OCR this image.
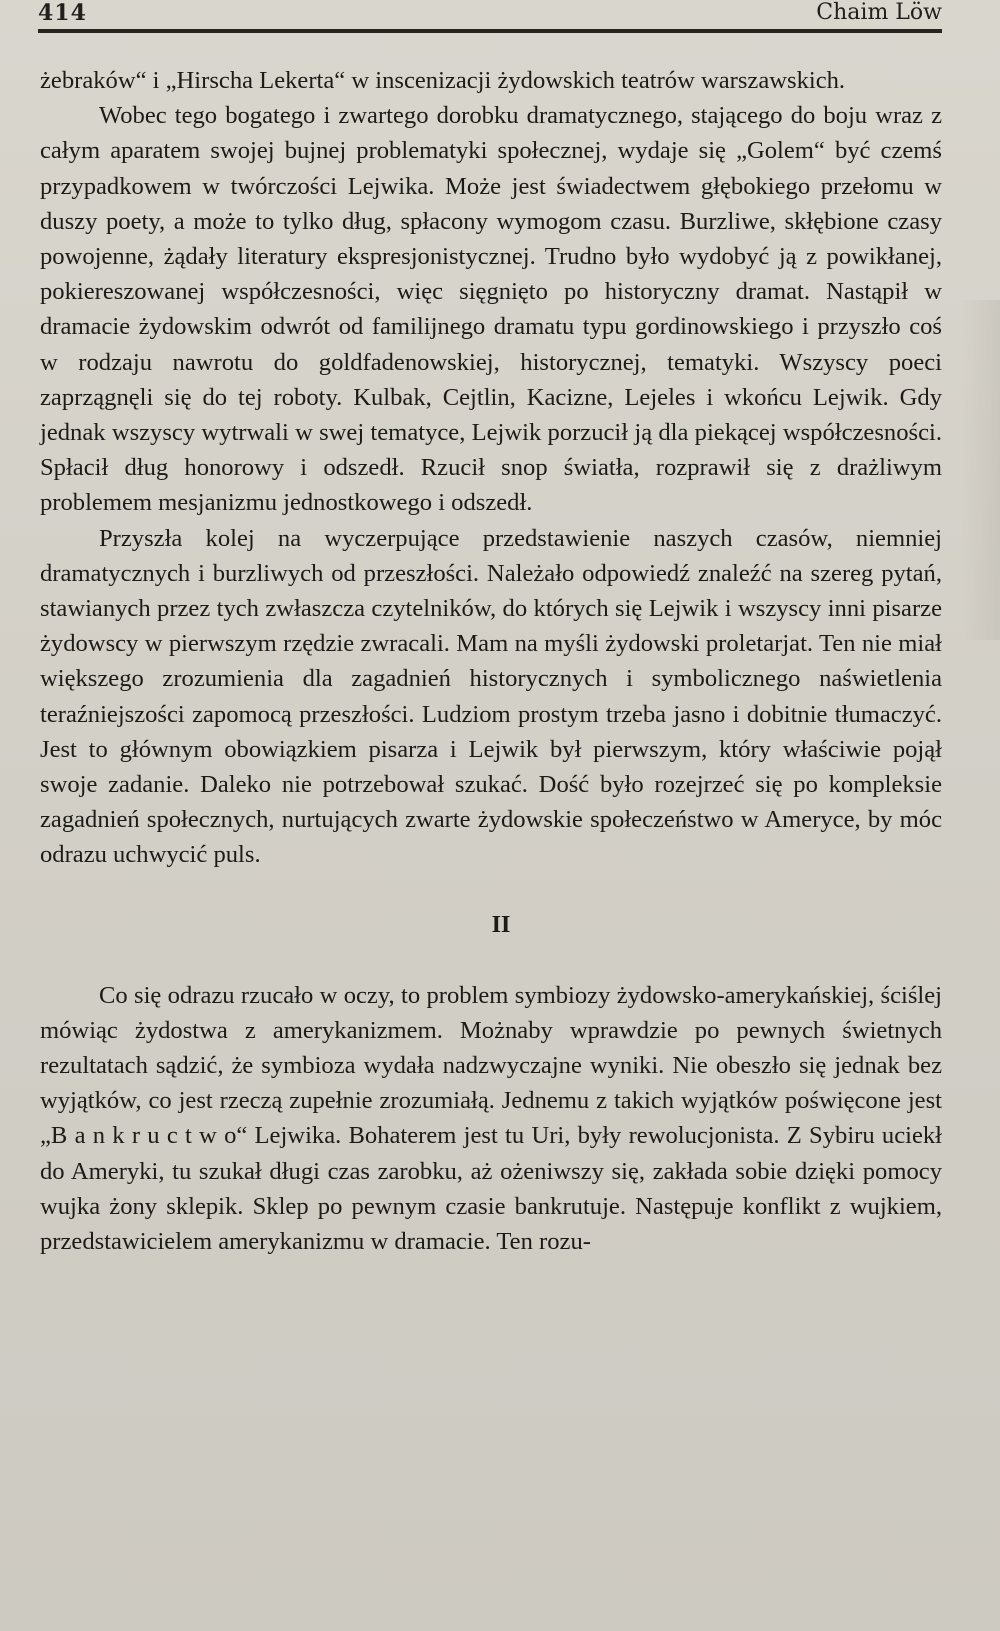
414	Chaim Löw

żebraków“ i „Hirscha Lekerta“ w inscenizacji żydowskich teatrów warszawskich.

Wobec tego bogatego i zwartego dorobku dramatycznego, stającego do boju wraz z całym aparatem swojej bujnej problematyki społecznej, wydaje się „Golem“ być czemś przypadkowem w twórczości Lejwika. Może jest świadectwem głębokiego przełomu w duszy poety, a może to tylko dług, spłacony wymogom czasu. Burzliwe, skłębione czasy powojenne, żądały literatury ekspresjonistycznej. Trudno było wydobyć ją z powikłanej, pokiereszowanej współczesności, więc sięgnięto po historyczny dramat. Nastąpił w dramacie żydowskim odwrót od familijnego dramatu typu gordinowskiego i przyszło coś w rodzaju nawrotu do goldfadenowskiej, historycznej, tematyki. Wszyscy poeci zaprzągnęli się do tej roboty. Kulbak, Cejtlin, Kacizne, Lejeles i wkońcu Lejwik. Gdy jednak wszyscy wytrwali w swej tematyce, Lejwik porzucił ją dla piekącej współczesności. Spłacił dług honorowy i odszedł. Rzucił snop światła, rozprawił się z drażliwym problemem mesjanizmu jednostkowego i odszedł.

Przyszła kolej na wyczerpujące przedstawienie naszych czasów, niemniej dramatycznych i burzliwych od przeszłości. Należało odpowiedź znaleźć na szereg pytań, stawianych przez tych zwłaszcza czytelników, do których się Lejwik i wszyscy inni pisarze żydowscy w pierwszym rzędzie zwracali. Mam na myśli żydowski proletarjat. Ten nie miał większego zrozumienia dla zagadnień historycznych i symbolicznego naświetlenia teraźniejszości zapomocą przeszłości. Ludziom prostym trzeba jasno i dobitnie tłumaczyć. Jest to głównym obowiązkiem pisarza i Lejwik był pierwszym, który właściwie pojął swoje zadanie. Daleko nie potrzebował szukać. Dość było rozejrzeć się po kompleksie zagadnień społecznych, nurtujących zwarte żydowskie społeczeństwo w Ameryce, by móc odrazu uchwycić puls.

II

Co się odrazu rzucało w oczy, to problem symbiozy żydowsko-amerykańskiej, ściślej mówiąc żydostwa z amerykanizmem. Możnaby wprawdzie po pewnych świetnych rezultatach sądzić, że symbioza wydała nadzwyczajne wyniki. Nie obeszło się jednak bez wyjątków, co jest rzeczą zupełnie zrozumiałą. Jednemu z takich wyjątków poświęcone jest „B a n k r u c t w o“ Lejwika. Bohaterem jest tu Uri, były rewolucjonista. Z Sybiru uciekł do Ameryki, tu szukał długi czas zarobku, aż ożeniwszy się, zakłada sobie dzięki pomocy wujka żony sklepik. Sklep po pewnym czasie bankrutuje. Następuje konflikt z wujkiem, przedstawicielem amerykanizmu w dramacie. Ten rozu-
